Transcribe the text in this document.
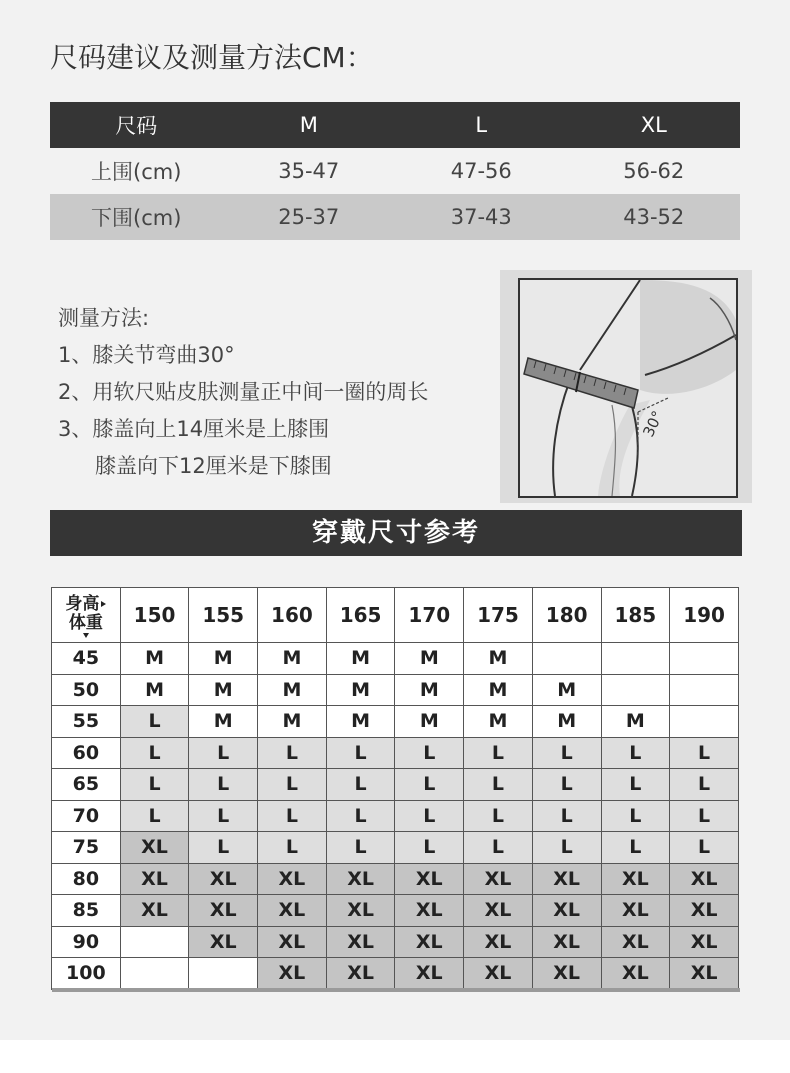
尺码建议及测量方法CM：
尺码	M	L	XL
上围(cm)	35-47	47-56	56-62
下围(cm)	25-37	37-43	43-52
测量方法:
1、膝关节弯曲30°
2、用软尺贴皮肤测量正中间一圈的周长
3、膝盖向上14厘米是上膝围
膝盖向下12厘米是下膝围
30°
穿戴尺寸参考
身高
体重	150	155	160	165	170	175	180	185	190
45	M	M	M	M	M	M			
50	M	M	M	M	M	M	M		
55	L	M	M	M	M	M	M	M	
60	L	L	L	L	L	L	L	L	L
65	L	L	L	L	L	L	L	L	L
70	L	L	L	L	L	L	L	L	L
75	XL	L	L	L	L	L	L	L	L
80	XL	XL	XL	XL	XL	XL	XL	XL	XL
85	XL	XL	XL	XL	XL	XL	XL	XL	XL
90		XL	XL	XL	XL	XL	XL	XL	XL
100			XL	XL	XL	XL	XL	XL	XL
